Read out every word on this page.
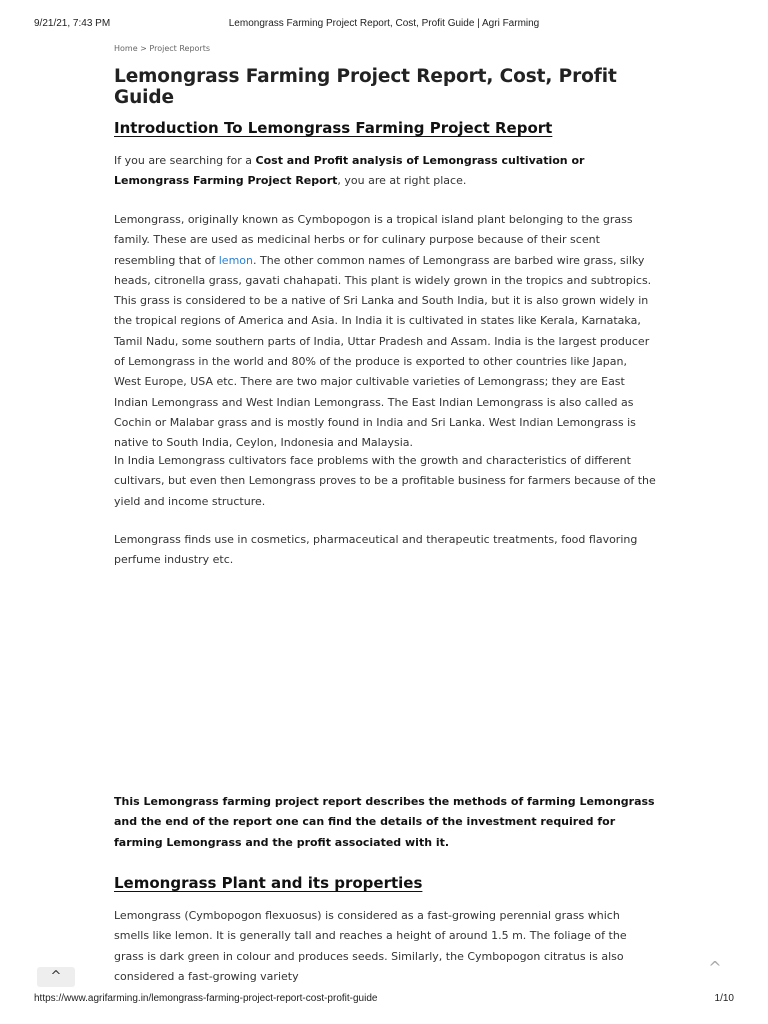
9/21/21, 7:43 PM	Lemongrass Farming Project Report, Cost, Profit Guide | Agri Farming
Home > Project Reports
Lemongrass Farming Project Report, Cost, Profit Guide
Introduction To Lemongrass Farming Project Report

If you are searching for a Cost and Profit analysis of Lemongrass cultivation or Lemongrass Farming Project Report, you are at right place.

Lemongrass, originally known as Cymbopogon is a tropical island plant belonging to the grass family. These are used as medicinal herbs or for culinary purpose because of their scent resembling that of lemon. The other common names of Lemongrass are barbed wire grass, silky heads, citronella grass, gavati chahapati. This plant is widely grown in the tropics and subtropics. This grass is considered to be a native of Sri Lanka and South India, but it is also grown widely in the tropical regions of America and Asia. In India it is cultivated in states like Kerala, Karnataka, Tamil Nadu, some southern parts of India, Uttar Pradesh and Assam. India is the largest producer of Lemongrass in the world and 80% of the produce is exported to other countries like Japan, West Europe, USA etc. There are two major cultivable varieties of Lemongrass; they are East Indian Lemongrass and West Indian Lemongrass. The East Indian Lemongrass is also called as Cochin or Malabar grass and is mostly found in India and Sri Lanka. West Indian Lemongrass is native to South India, Ceylon, Indonesia and Malaysia.

In India Lemongrass cultivators face problems with the growth and characteristics of different cultivars, but even then Lemongrass proves to be a profitable business for farmers because of the yield and income structure.

Lemongrass finds use in cosmetics, pharmaceutical and therapeutic treatments, food flavoring perfume industry etc.

This Lemongrass farming project report describes the methods of farming Lemongrass and the end of the report one can find the details of the investment required for farming Lemongrass and the profit associated with it.

Lemongrass Plant and its properties

Lemongrass (Cymbopogon flexuosus) is considered as a fast-growing perennial grass which smells like lemon. It is generally tall and reaches a height of around 1.5 m. The foliage of the grass is dark green in colour and produces seeds. Similarly, the Cymbopogon citratus is also considered a fast-growing variety

^	^
https://www.agrifarming.in/lemongrass-farming-project-report-cost-profit-guide	1/10
